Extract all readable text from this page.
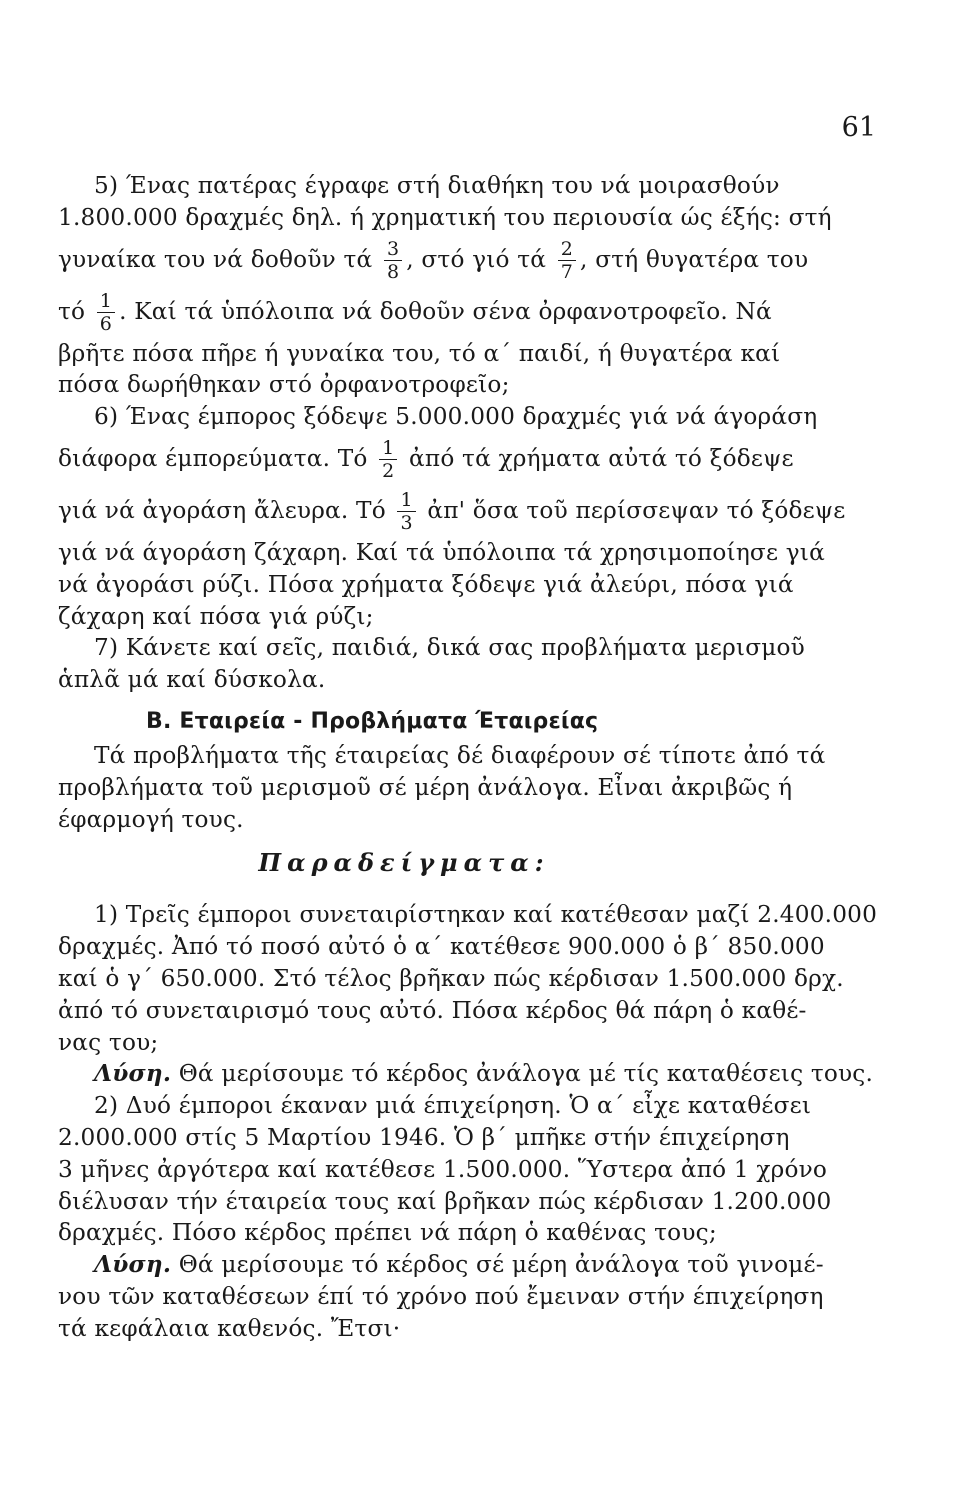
61
5) Ένας πατέρας έγραφε στή διαθήκη του νά μοιρασθούν
1.800.000 δραχμές δηλ. ή χρηματική του περιουσία ώς έξής: στή
γυναίκα του νά δοθοῦν τά $\frac{3}{8}$ , στό γιό τά $\frac{2}{7}$ , στή θυγατέρα του
τό $\frac{1}{6}$ . Καί τά ὑπόλοιπα νά δοθοῦν σένα ὀρφανοτροφεῖο. Νά
βρῆτε πόσα πῆρε ή γυναίκα του, τό α΄ παιδί, ή θυγατέρα καί
πόσα δωρήθηκαν στό ὀρφανοτροφεῖο;
6) Ένας έμπορος ξόδεψε 5.000.000 δραχμές γιά νά άγοράση
διάφορα έμπορεύματα. Τό $\frac{1}{2}$ ἀπό τά χρήματα αὐτά τό ξόδεψε
γιά νά ἀγοράση ἄλευρα. Τό $\frac{1}{3}$ ἀπ' ὅσα τοῦ περίσσεψαν τό ξόδεψε
γιά νά άγοράση ζάχαρη. Καί τά ὑπόλοιπα τά χρησιμοποίησε γιά
νά ἀγοράσι ρύζι. Πόσα χρήματα ξόδεψε γιά ἀλεύρι, πόσα γιά
ζάχαρη καί πόσα γιά ρύζι;
7) Κάνετε καί σεῖς, παιδιά, δικά σας προβλήματα μερισμοῦ
ἁπλᾶ μά καί δύσκολα.
Β. Εταιρεία - Προβλήματα Έταιρείας
Τά προβλήματα τῆς έταιρείας δέ διαφέρουν σέ τίποτε ἀπό τά
προβλήματα τοῦ μερισμοῦ σέ μέρη ἀνάλογα. Εἶναι ἀκριβῶς ή
έφαρμογή τους.
Παραδείγματα:
1) Τρεῖς έμποροι συνεταιρίστηκαν καί κατέθεσαν μαζί 2.400.000
δραχμές. Ἀπό τό ποσό αὐτό ὁ α΄ κατέθεσε 900.000 ὁ β΄ 850.000
καί ὁ γ΄ 650.000. Στό τέλος βρῆκαν πώς κέρδισαν 1.500.000 δρχ.
ἀπό τό συνεταιρισμό τους αὐτό. Πόσα κέρδος θά πάρη ὁ καθέ-
νας του;
Λύση. Θά μερίσουμε τό κέρδος ἀνάλογα μέ τίς καταθέσεις τους.
2) Δυό έμποροι έκαναν μιά έπιχείρηση. Ὁ α΄ εἶχε καταθέσει
2.000.000 στίς 5 Μαρτίου 1946. Ὁ β΄ μπῆκε στήν έπιχείρηση
3 μῆνες ἀργότερα καί κατέθεσε 1.500.000. Ὕστερα ἀπό 1 χρόνο
διέλυσαν τήν έταιρεία τους καί βρῆκαν πώς κέρδισαν 1.200.000
δραχμές. Πόσο κέρδος πρέπει νά πάρη ὁ καθένας τους;
Λύση. Θά μερίσουμε τό κέρδος σέ μέρη ἀνάλογα τοῦ γινομέ-
νου τῶν καταθέσεων έπί τό χρόνο πού ἔμειναν στήν έπιχείρηση
τά κεφάλαια καθενός. Ἔτσι·
